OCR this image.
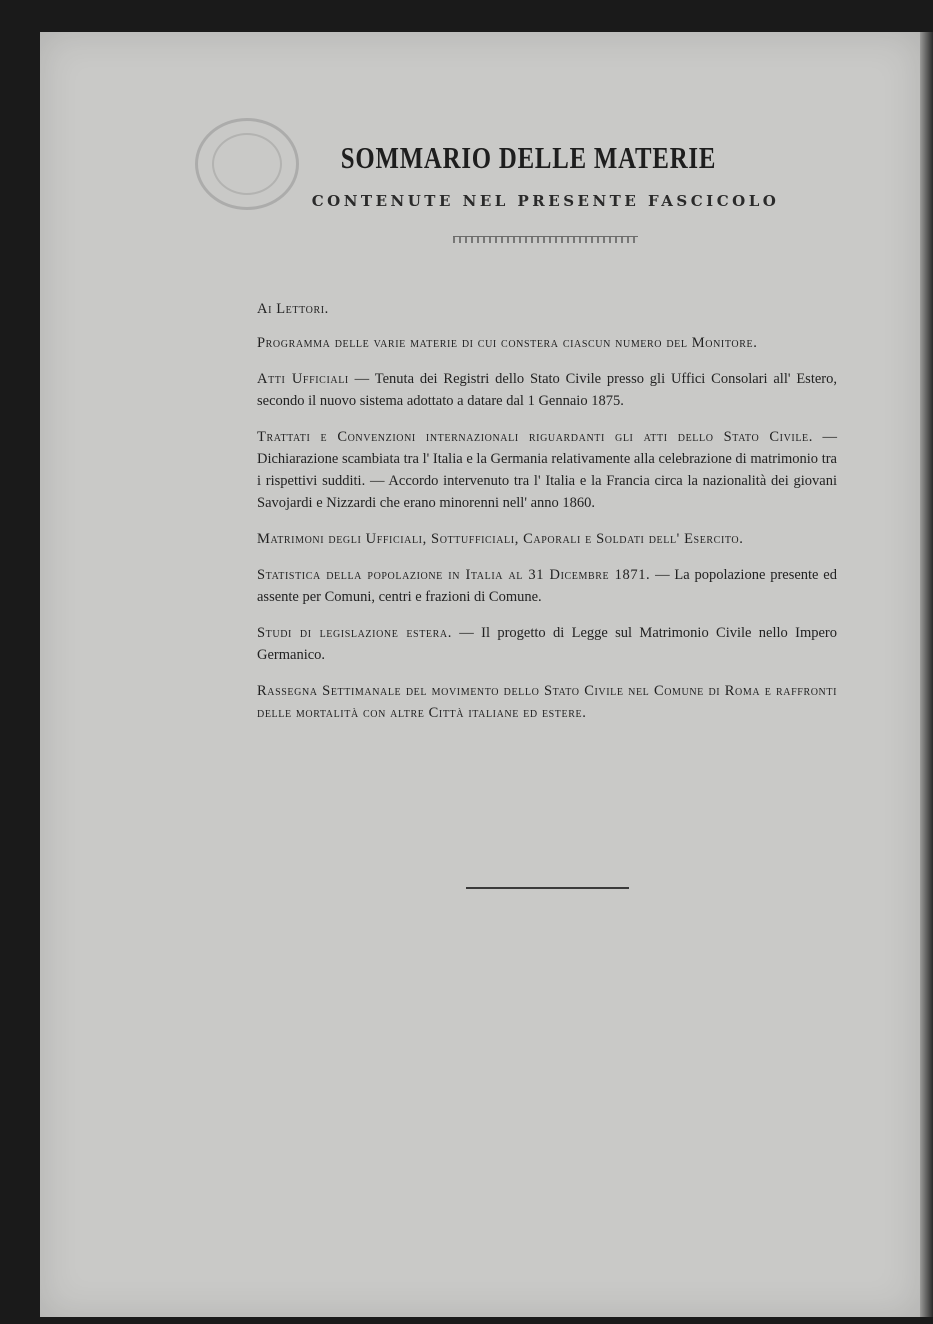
SOMMARIO DELLE MATERIE
CONTENUTE NEL PRESENTE FASCICOLO

Ai Lettori.

Programma delle varie materie di cui constera ciascun numero del Monitore.

Atti Ufficiali — Tenuta dei Registri dello Stato Civile presso gli Uffici Consolari all' Estero, secondo il nuovo sistema adottato a datare dal 1 Gennaio 1875.

Trattati e Convenzioni internazionali riguardanti gli atti dello Stato Civile. — Dichiarazione scambiata tra l' Italia e la Germania relativamente alla celebrazione di matrimonio tra i rispettivi sudditi. — Accordo intervenuto tra l' Italia e la Francia circa la nazionalità dei giovani Savojardi e Nizzardi che erano minorenni nell' anno 1860.

Matrimoni degli Ufficiali, Sottufficiali, Caporali e Soldati dell' Esercito.

Statistica della popolazione in Italia al 31 Dicembre 1871. — La popolazione presente ed assente per Comuni, centri e frazioni di Comune.

Studi di legislazione estera. — Il progetto di Legge sul Matrimonio Civile nello Impero Germanico.

Rassegna Settimanale del movimento dello Stato Civile nel Comune di Roma e raffronti delle mortalità con altre Città italiane ed estere.
